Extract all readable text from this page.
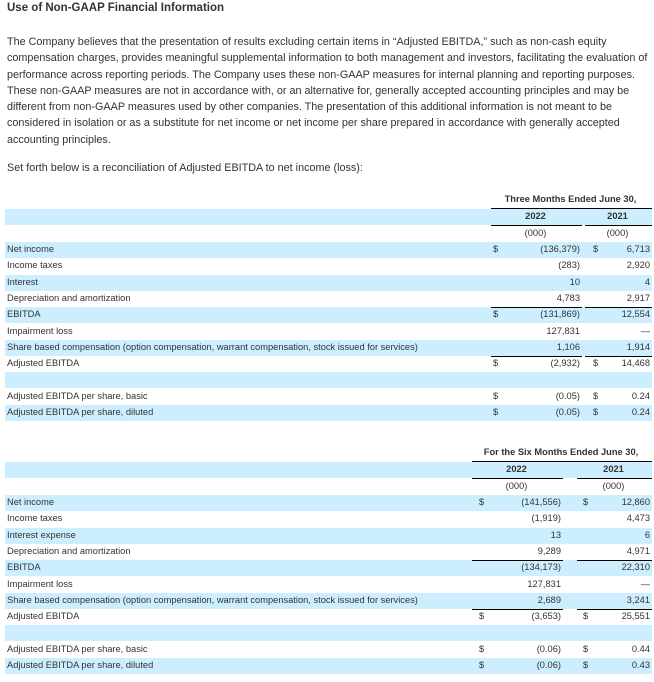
Use of Non-GAAP Financial Information
The Company believes that the presentation of results excluding certain items in “Adjusted EBITDA,” such as non-cash equity compensation charges, provides meaningful supplemental information to both management and investors, facilitating the evaluation of performance across reporting periods. The Company uses these non-GAAP measures for internal planning and reporting purposes. These non-GAAP measures are not in accordance with, or an alternative for, generally accepted accounting principles and may be different from non-GAAP measures used by other companies. The presentation of this additional information is not meant to be considered in isolation or as a substitute for net income or net income per share prepared in accordance with generally accepted accounting principles.
Set forth below is a reconciliation of Adjusted EBITDA to net income (loss):
Three Months Ended June 30,
2022	2021
(000)	(000)
Net income	$	(136,379) $	6,713
Income taxes	(283)	2,920
Interest	10	4
Depreciation and amortization	4,783	2,917
EBITDA	$	(131,869)	12,554
Impairment loss	127,831	—
Share based compensation (option compensation, warrant compensation, stock issued for services)	1,106	1,914
Adjusted EBITDA	$	(2,932) $	14,468
Adjusted EBITDA per share, basic	$	(0.05) $	0.24
Adjusted EBITDA per share, diluted	$	(0.05) $	0.24
For the Six Months Ended June 30,
2022	2021
(000)	(000)
Net income	$	(141,556) $	12,860
Income taxes	(1,919)	4,473
Interest expense	13	6
Depreciation and amortization	9,289	4,971
EBITDA	(134,173)	22,310
Impairment loss	127,831	—
Share based compensation (option compensation, warrant compensation, stock issued for services)	2,689	3,241
Adjusted EBITDA	$	(3,653) $	25,551
Adjusted EBITDA per share, basic	$	(0.06) $	0.44
Adjusted EBITDA per share, diluted	$	(0.06) $	0.43
